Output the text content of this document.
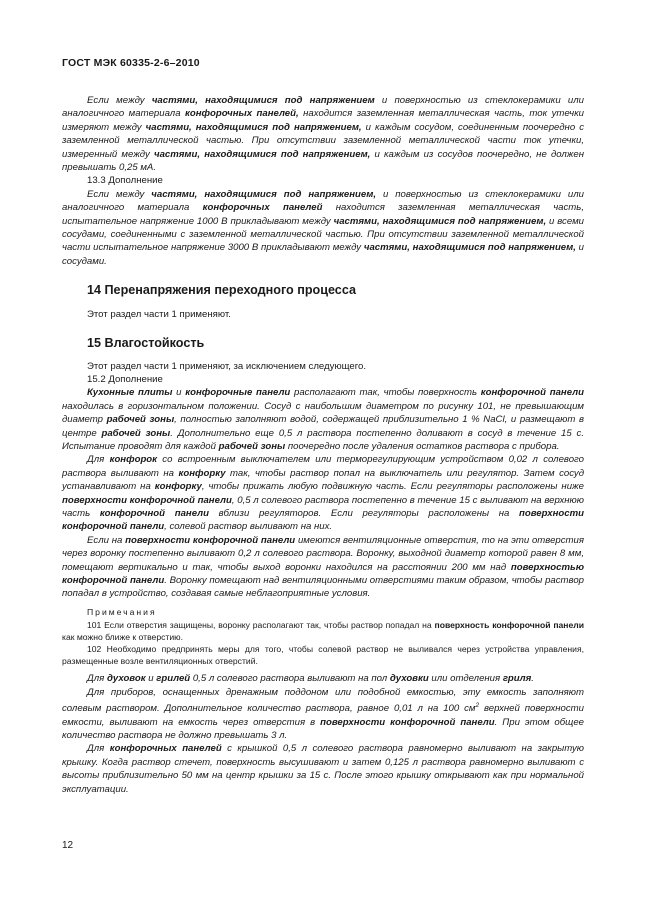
ГОСТ МЭК 60335-2-6–2010

Если между частями, находящимися под напряжением и поверхностью из стеклокерамики или аналогичного материала конфорочных панелей, находится заземленная металлическая часть, ток утечки измеряют между частями, находящимися под напряжением, и каждым сосудом, соединенным поочередно с заземленной металлической частью. При отсутствии заземленной металлической части ток утечки, измеренный между частями, находящимися под напряжением, и каждым из сосудов поочередно, не должен превышать 0,25 мА.

13.3 Дополнение

Если между частями, находящимися под напряжением, и поверхностью из стеклокерамики или аналогичного материала конфорочных панелей находится заземленная металлическая часть, испытательное напряжение 1000 В прикладывают между частями, находящимися под напряжением, и всеми сосудами, соединенными с заземленной металлической частью. При отсутствии заземленной металлической части испытательное напряжение 3000 В прикладывают между частями, находящимися под напряжением, и сосудами.

14 Перенапряжения переходного процесса

Этот раздел части 1 применяют.

15 Влагостойкость

Этот раздел части 1 применяют, за исключением следующего.

15.2 Дополнение

Кухонные плиты и конфорочные панели располагают так, чтобы поверхность конфорочной панели находилась в горизонтальном положении. Сосуд с наибольшим диаметром по рисунку 101, не превышающим диаметр рабочей зоны, полностью заполняют водой, содержащей приблизительно 1 % NaCl, и размещают в центре рабочей зоны. Дополнительно еще 0,5 л раствора постепенно доливают в сосуд в течение 15 с. Испытание проводят для каждой рабочей зоны поочередно после удаления остатков раствора с прибора.

Для конфорок со встроенным выключателем или терморегулирующим устройством 0,02 л солевого раствора выливают на конфорку так, чтобы раствор попал на выключатель или регулятор. Затем сосуд устанавливают на конфорку, чтобы прижать любую подвижную часть. Если регуляторы расположены ниже поверхности конфорочной панели, 0,5 л солевого раствора постепенно в течение 15 с выливают на верхнюю часть конфорочной панели вблизи регуляторов. Если регуляторы расположены на поверхности конфорочной панели, солевой раствор выливают на них.

Если на поверхности конфорочной панели имеются вентиляционные отверстия, то на эти отверстия через воронку постепенно выливают 0,2 л солевого раствора. Воронку, выходной диаметр которой равен 8 мм, помещают вертикально и так, чтобы выход воронки находился на расстоянии 200 мм над поверхностью конфорочной панели. Воронку помещают над вентиляционными отверстиями таким образом, чтобы раствор попадал в устройство, создавая самые неблагоприятные условия.

Примечания

101 Если отверстия защищены, воронку располагают так, чтобы раствор попадал на поверхность конфорочной панели как можно ближе к отверстию.

102 Необходимо предпринять меры для того, чтобы солевой раствор не выливался через устройства управления, размещенные возле вентиляционных отверстий.

Для духовок и грилей 0,5 л солевого раствора выливают на пол духовки или отделения гриля.

Для приборов, оснащенных дренажным поддоном или подобной емкостью, эту емкость заполняют солевым раствором. Дополнительное количество раствора, равное 0,01 л на 100 $см^2$ верхней поверхности емкости, выливают на емкость через отверстия в поверхности конфорочной панели. При этом общее количество раствора не должно превышать 3 л.

Для конфорочных панелей с крышкой 0,5 л солевого раствора равномерно выливают на закрытую крышку. Когда раствор стечет, поверхность высушивают и затем 0,125 л раствора равномерно выливают с высоты приблизительно 50 мм на центр крышки за 15 с. После этого крышку открывают как при нормальной эксплуатации.

12
